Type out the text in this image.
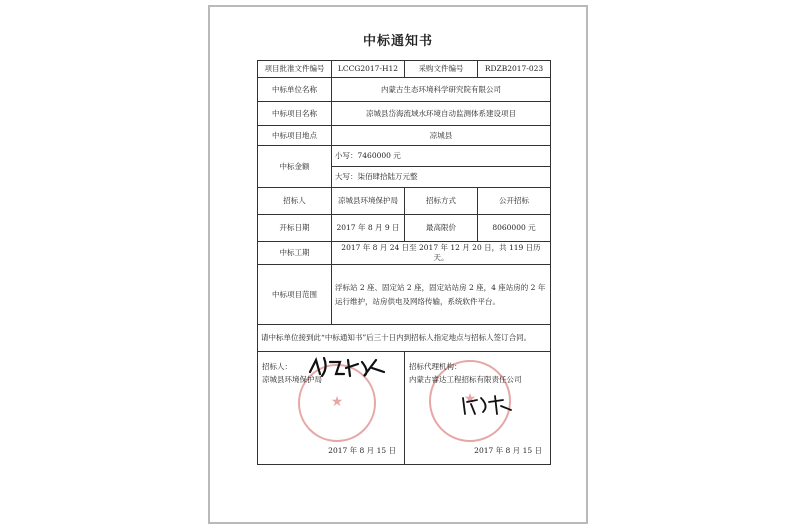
中标通知书
项目批准文件编号	LCCG2017-H12	采购文件编号	RDZB2017-023
中标单位名称	内蒙古生态环境科学研究院有限公司		
中标项目名称	凉城县岱海流域水环境自动监测体系建设项目		
中标项目地点	凉城县		
中标金额	小写：7460000 元		
	大写：柒佰肆拾陆万元整		
招标人	凉城县环境保护局	招标方式	公开招标
开标日期	2017 年 8 月 9 日	最高限价	8060000 元
中标工期	2017 年 8 月 24 日至 2017 年 12 月 20 日，共 119 日历天。		
中标项目范围	浮标站 2 座、固定站 2 座，固定站站房 2 座，4 座站房的 2 年运行维护，站房供电及网络传输，系统软件平台。		
请中标单位接到此“中标通知书”后三十日内到招标人指定地点与招标人签订合同。			

★
招标人：
凉城县环境保护局
2017 年 8 月 15 日

★
招标代理机构：
内蒙古睿达工程招标有限责任公司
2017 年 8 月 15 日
